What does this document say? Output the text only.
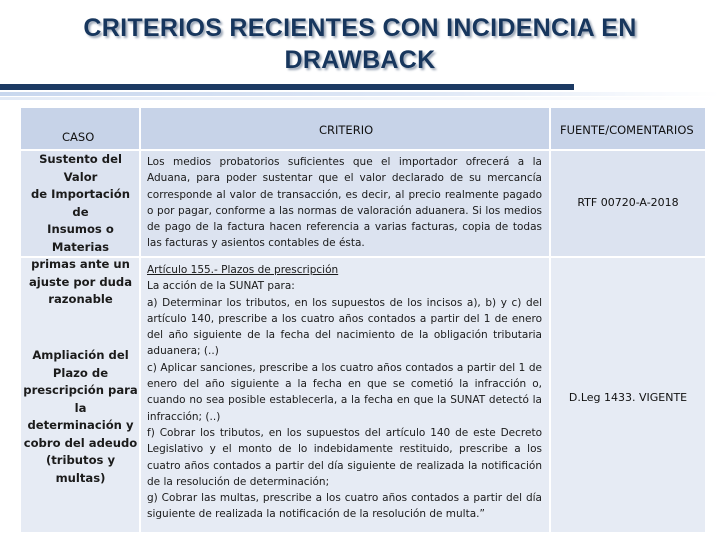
CRITERIOS RECIENTES CON INCIDENCIA EN
DRAWBACK
CASO	CRITERIO	FUENTE/COMENTARIOS
Sustento del Valor
de Importación de
Insumos o Materias
primas ante un
ajuste por duda
razonable

Los medios probatorios suficientes que el importador ofrecerá a la Aduana, para poder sustentar que el valor declarado de su mercancía corresponde al valor de transacción, es decir, al precio realmente pagado o por pagar, conforme a las normas de valoración aduanera. Si los medios de pago de la factura hacen referencia a varias facturas, copia de todas las facturas y asientos contables de ésta.

RTF 00720-A-2018
Ampliación del
Plazo de
prescripción para la
determinación y
cobro del adeudo
(tributos y multas)

Artículo 155.- Plazos de prescripción

La acción de la SUNAT para:

a) Determinar los tributos, en los supuestos de los incisos a), b) y c) del artículo 140, prescribe a los cuatro años contados a partir del 1 de enero del año siguiente de la fecha del nacimiento de la obligación tributaria aduanera; (..)

c) Aplicar sanciones, prescribe a los cuatro años contados a partir del 1 de enero del año siguiente a la fecha en que se cometió la infracción o, cuando no sea posible establecerla, a la fecha en que la SUNAT detectó la infracción; (..)

f) Cobrar los tributos, en los supuestos del artículo 140 de este Decreto Legislativo y el monto de lo indebidamente restituido, prescribe a los cuatro años contados a partir del día siguiente de realizada la notificación de la resolución de determinación;

g) Cobrar las multas, prescribe a los cuatro años contados a partir del día siguiente de realizada la notificación de la resolución de multa.”

D.Leg 1433. VIGENTE
